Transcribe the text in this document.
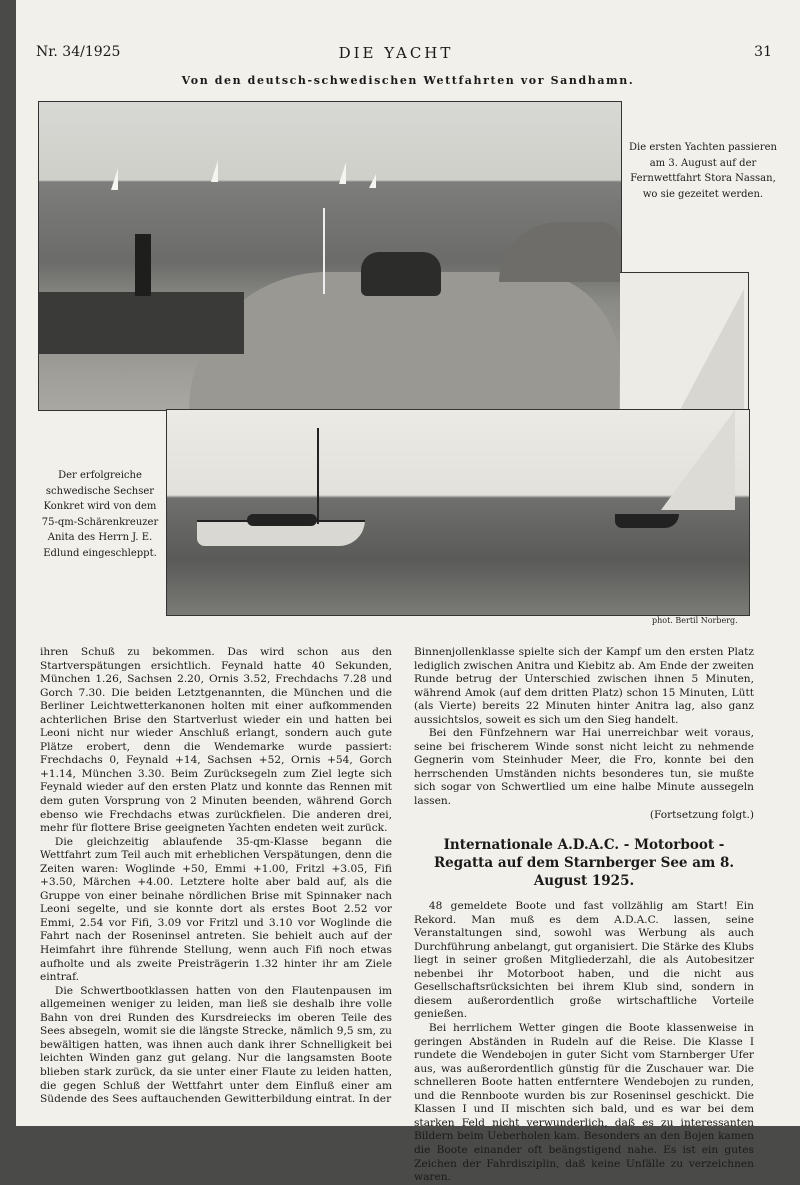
Nr. 34/1925	DIE YACHT	31
Von den deutsch-schwedischen Wettfahrten vor Sandhamn.
Die ersten Yachten passieren am 3. August auf der Fernwettfahrt Stora Nassan, wo sie gezeitet werden.
Der erfolgreiche schwedische Sechser Konkret wird von dem 75-qm-Schärenkreuzer Anita des Herrn J. E. Edlund eingeschleppt.
phot. Bertil Norberg.

ihren Schuß zu bekommen. Das wird schon aus den Startverspätungen ersichtlich. Feynald hatte 40 Sekunden, München 1.26, Sachsen 2.20, Ornis 3.52, Frechdachs 7.28 und Gorch 7.30. Die beiden Letztgenannten, die München und die Berliner Leichtwetterkanonen holten mit einer aufkommenden achterlichen Brise den Startverlust wieder ein und hatten bei Leoni nicht nur wieder Anschluß erlangt, sondern auch gute Plätze erobert, denn die Wendemarke wurde passiert: Frechdachs 0, Feynald +14, Sachsen +52, Ornis +54, Gorch +1.14, München 3.30. Beim Zurücksegeln zum Ziel legte sich Feynald wieder auf den ersten Platz und konnte das Rennen mit dem guten Vorsprung von 2 Minuten beenden, während Gorch ebenso wie Frechdachs etwas zurückfielen. Die anderen drei, mehr für flottere Brise geeigneten Yachten endeten weit zurück.

Die gleichzeitig ablaufende 35-qm-Klasse begann die Wettfahrt zum Teil auch mit erheblichen Verspätungen, denn die Zeiten waren: Woglinde +50, Emmi +1.00, Fritzl +3.05, Fifi +3.50, Märchen +4.00. Letztere holte aber bald auf, als die Gruppe von einer beinahe nördlichen Brise mit Spinnaker nach Leoni segelte, und sie konnte dort als erstes Boot 2.52 vor Emmi, 2.54 vor Fifi, 3.09 vor Fritzl und 3.10 vor Woglinde die Fahrt nach der Roseninsel antreten. Sie behielt auch auf der Heimfahrt ihre führende Stellung, wenn auch Fifi noch etwas aufholte und als zweite Preisträgerin 1.32 hinter ihr am Ziele eintraf.

Die Schwertbootklassen hatten von den Flautenpausen im allgemeinen weniger zu leiden, man ließ sie deshalb ihre volle Bahn von drei Runden des Kursdreiecks im oberen Teile des Sees absegeln, womit sie die längste Strecke, nämlich 9,5 sm, zu bewältigen hatten, was ihnen auch dank ihrer Schnelligkeit bei leichten Winden ganz gut gelang. Nur die langsamsten Boote blieben stark zurück, da sie unter einer Flaute zu leiden hatten, die gegen Schluß der Wettfahrt unter dem Einfluß einer am Südende des Sees auftauchenden Gewitterbildung eintrat. In der

Binnenjollenklasse spielte sich der Kampf um den ersten Platz lediglich zwischen Anitra und Kiebitz ab. Am Ende der zweiten Runde betrug der Unterschied zwischen ihnen 5 Minuten, während Amok (auf dem dritten Platz) schon 15 Minuten, Lütt (als Vierte) bereits 22 Minuten hinter Anitra lag, also ganz aussichtslos, soweit es sich um den Sieg handelt.

Bei den Fünfzehnern war Hai unerreichbar weit voraus, seine bei frischerem Winde sonst nicht leicht zu nehmende Gegnerin vom Steinhuder Meer, die Fro, konnte bei den herrschenden Umständen nichts besonderes tun, sie mußte sich sogar von Schwertlied um eine halbe Minute aussegeln lassen.

(Fortsetzung folgt.)
Internationale A.D.A.C. - Motorboot - Regatta auf dem Starnberger See am 8. August 1925.

48 gemeldete Boote und fast vollzählig am Start! Ein Rekord. Man muß es dem A.D.A.C. lassen, seine Veranstaltungen sind, sowohl was Werbung als auch Durchführung anbelangt, gut organisiert. Die Stärke des Klubs liegt in seiner großen Mitgliederzahl, die als Autobesitzer nebenbei ihr Motorboot haben, und die nicht aus Gesellschaftsrücksichten bei ihrem Klub sind, sondern in diesem außerordentlich große wirtschaftliche Vorteile genießen.

Bei herrlichem Wetter gingen die Boote klassenweise in geringen Abständen in Rudeln auf die Reise. Die Klasse I rundete die Wendebojen in guter Sicht vom Starnberger Ufer aus, was außerordentlich günstig für die Zuschauer war. Die schnelleren Boote hatten entferntere Wendebojen zu runden, und die Rennboote wurden bis zur Roseninsel geschickt. Die Klassen I und II mischten sich bald, und es war bei dem starken Feld nicht verwunderlich, daß es zu interessanten Bildern beim Ueberholen kam. Besonders an den Bojen kamen die Boote einander oft beängstigend nahe. Es ist ein gutes Zeichen der Fahrdisziplin, daß keine Unfälle zu verzeichnen waren.
